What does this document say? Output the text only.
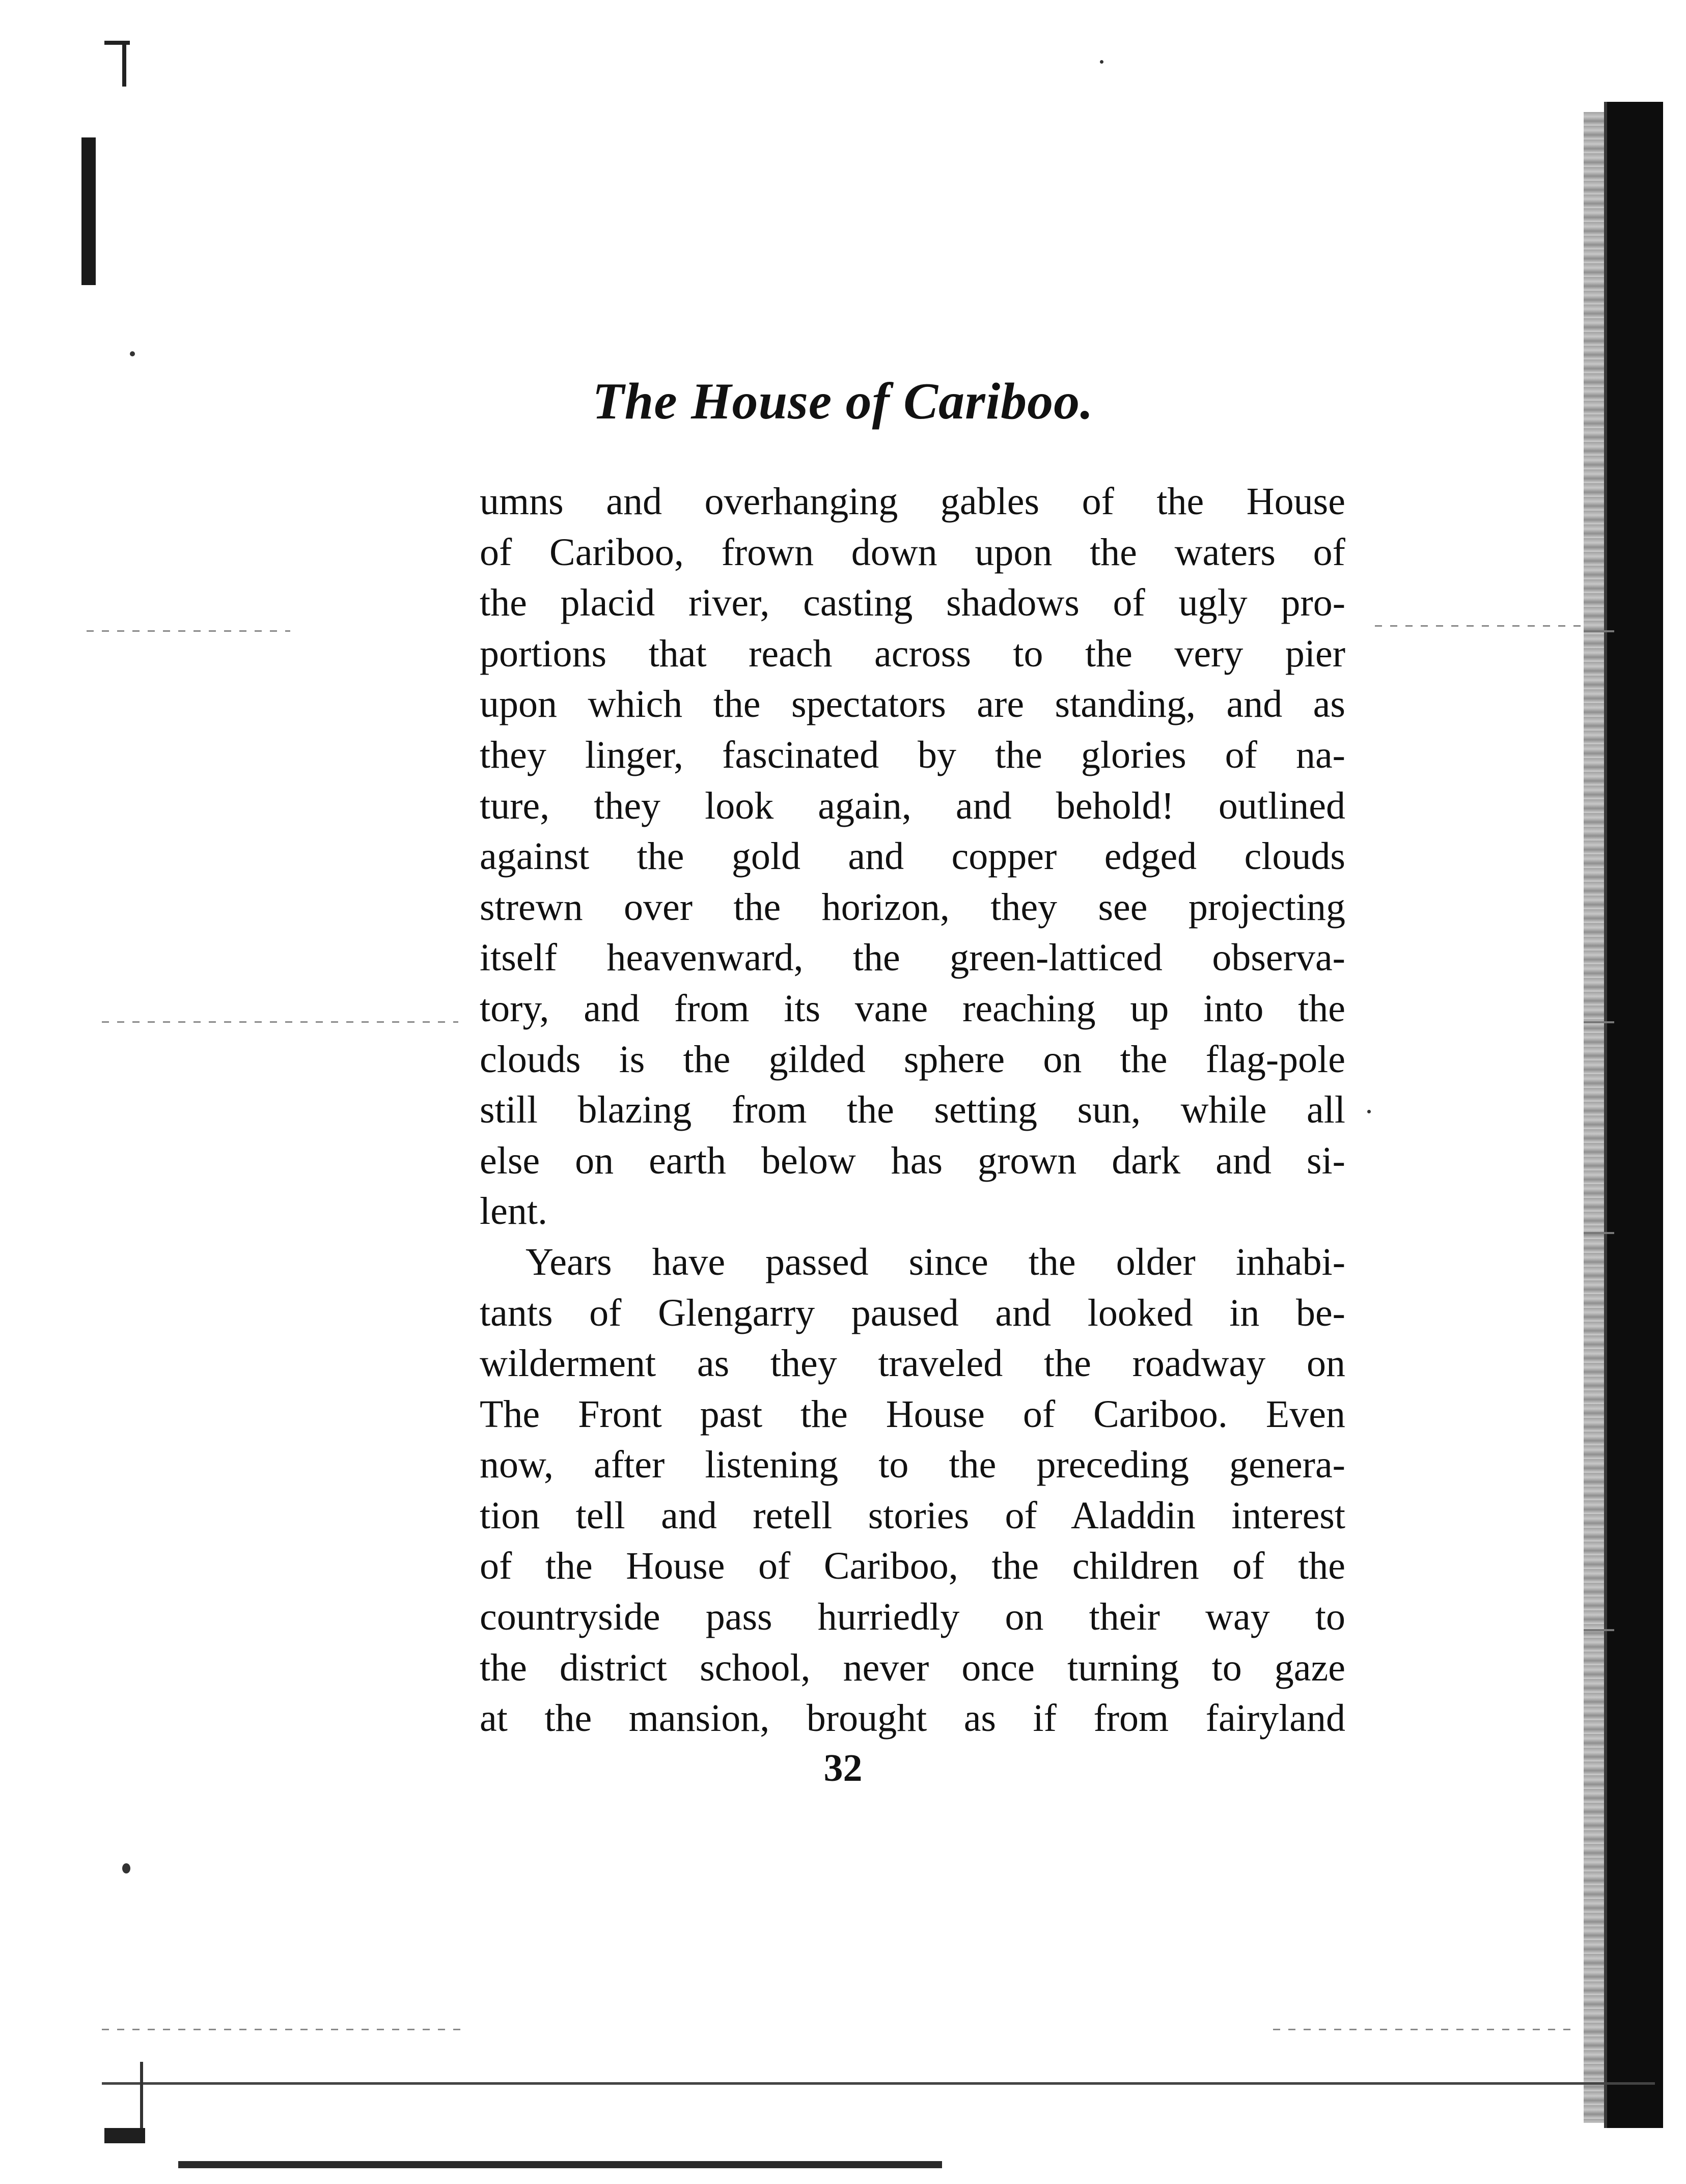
The House of Cariboo.
umns and overhanging gables of the House
of Cariboo, frown down upon the waters of
the placid river, casting shadows of ugly pro-
portions that reach across to the very pier
upon which the spectators are standing, and as
they linger, fascinated by the glories of na-
ture, they look again, and behold! outlined
against the gold and copper edged clouds
strewn over the horizon, they see projecting
itself heavenward, the green-latticed observa-
tory, and from its vane reaching up into the
clouds is the gilded sphere on the flag-pole
still blazing from the setting sun, while all
else on earth below has grown dark and si-
lent.
Years have passed since the older inhabi-
tants of Glengarry paused and looked in be-
wilderment as they traveled the roadway on
The Front past the House of Cariboo. Even
now, after listening to the preceding genera-
tion tell and retell stories of Aladdin interest
of the House of Cariboo, the children of the
countryside pass hurriedly on their way to
the district school, never once turning to gaze
at the mansion, brought as if from fairyland
32
